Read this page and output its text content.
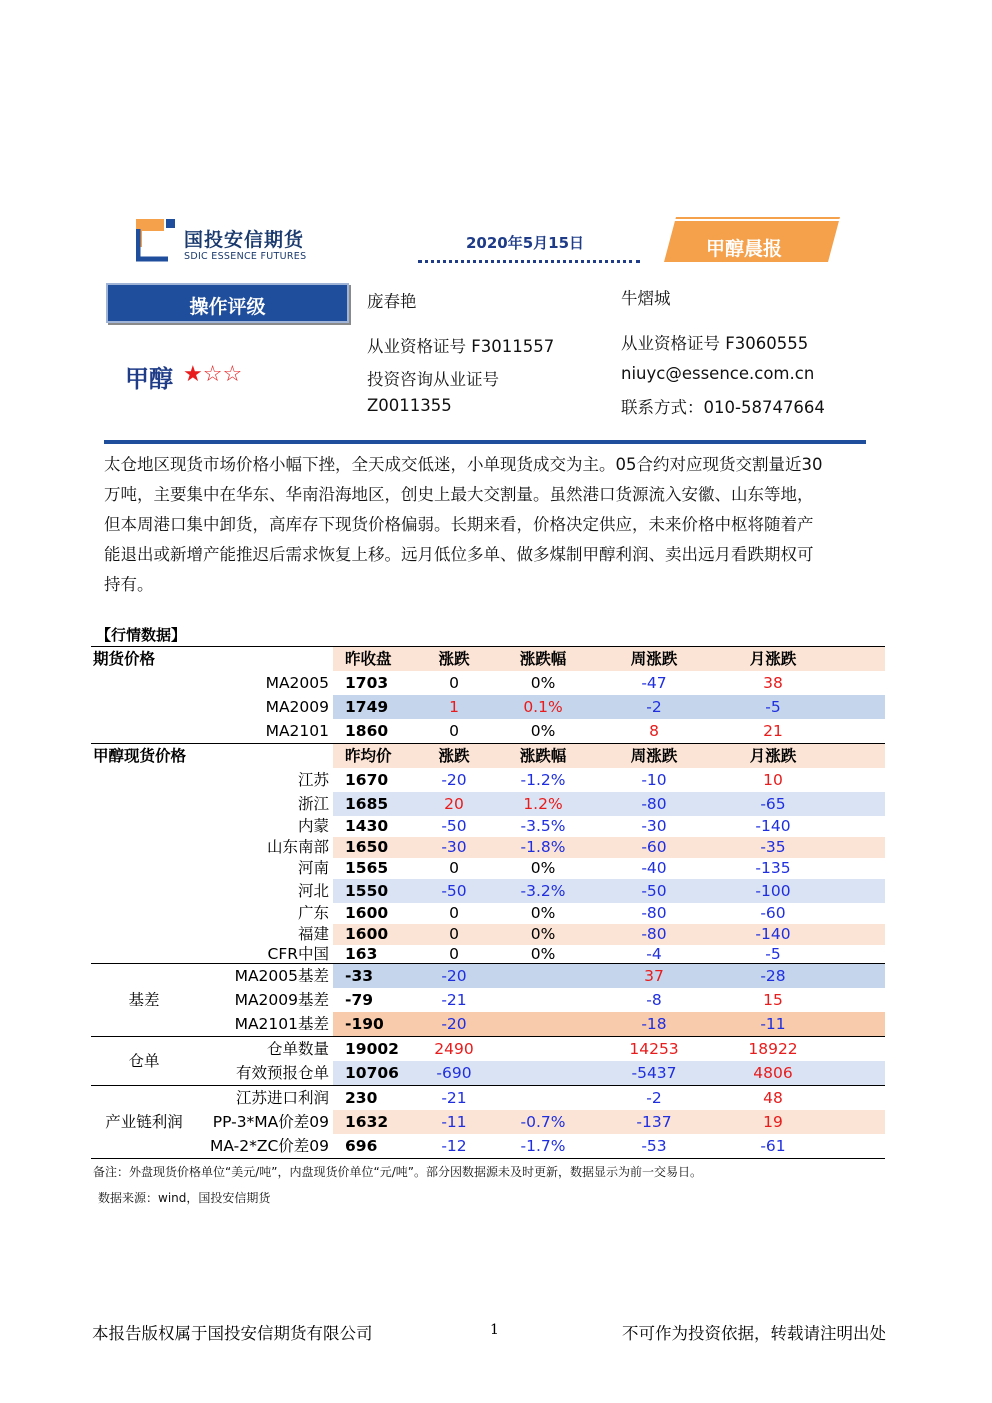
国投安信期货
SDIC ESSENCE FUTURES
2020年5月15日	甲醇晨报
操作评级
甲醇 ★☆☆
庞春艳
从业资格证号 F3011557
投资咨询从业证号
Z0011355
牛熠城
从业资格证号 F3060555
niuyc@essence.com.cn
联系方式：010-58747664
太仓地区现货市场价格小幅下挫，全天成交低迷，小单现货成交为主。05合约对应现货交割量近30
万吨，主要集中在华东、华南沿海地区，创史上最大交割量。虽然港口货源流入安徽、山东等地，
但本周港口集中卸货，高库存下现货价格偏弱。长期来看，价格决定供应，未来价格中枢将随着产
能退出或新增产能推迟后需求恢复上移。远月低位多单、做多煤制甲醇利润、卖出远月看跌期权可
持有。
【行情数据】
期货价格		昨收盘	涨跌	涨跌幅	周涨跌	月涨跌	
	MA2005	1703	0	0%	-47	38	
	MA2009	1749	1	0.1%	-2	-5	
	MA2101	1860	0	0%	8	21	
甲醇现货价格		昨均价	涨跌	涨跌幅	周涨跌	月涨跌	
	江苏	1670	-20	-1.2%	-10	10	
	浙江	1685	20	1.2%	-80	-65	
	内蒙	1430	-50	-3.5%	-30	-140	
	山东南部	1650	-30	-1.8%	-60	-35	
	河南	1565	0	0%	-40	-135	
	河北	1550	-50	-3.2%	-50	-100	
	广东	1600	0	0%	-80	-60	
	福建	1600	0	0%	-80	-140	
	CFR中国	163	0	0%	-4	-5	
基差	MA2005基差	-33	-20		37	-28	
	MA2009基差	-79	-21		-8	15	
	MA2101基差	-190	-20		-18	-11	
仓单	仓单数量	19002	2490		14253	18922	
	有效预报仓单	10706	-690		-5437	4806	
产业链利润	江苏进口利润	230	-21		-2	48	
	PP-3*MA价差09	1632	-11	-0.7%	-137	19	
	MA-2*ZC价差09	696	-12	-1.7%	-53	-61	
备注：外盘现货价格单位“美元/吨”，内盘现货价单位“元/吨”。部分因数据源未及时更新，数据显示为前一交易日。
数据来源：wind，国投安信期货
本报告版权属于国投安信期货有限公司	1	不可作为投资依据，转载请注明出处
